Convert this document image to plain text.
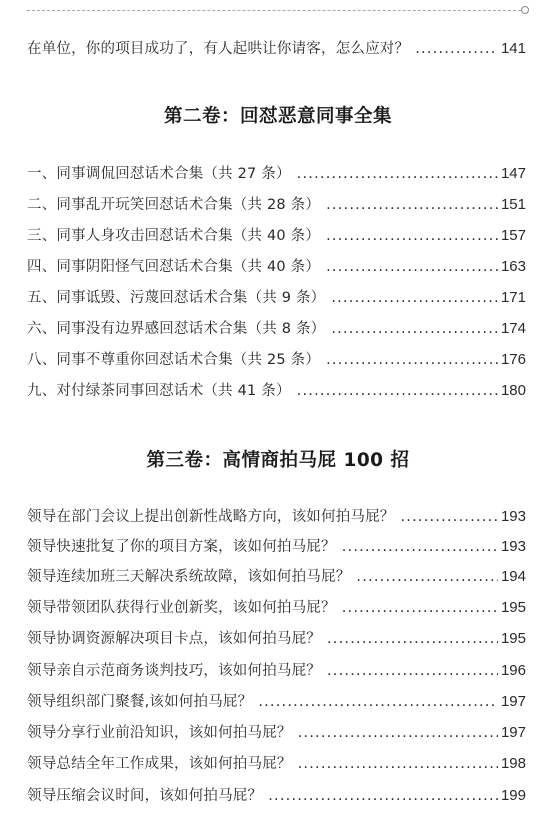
在单位，你的项目成功了，有人起哄让你请客，怎么应对？ .....	141
第二卷：回怼恶意同事全集
一、同事调侃回怼话术合集（共 27 条） .....	147
二、同事乱开玩笑回怼话术合集（共 28 条） .....	151
三、同事人身攻击回怼话术合集（共 40 条） .....	157
四、同事阴阳怪气回怼话术合集（共 40 条） .....	163
五、同事诋毁、污蔑回怼话术合集（共 9 条） .....	171
六、同事没有边界感回怼话术合集（共 8 条） .....	174
八、同事不尊重你回怼话术合集（共 25 条） .....	176
九、对付绿茶同事回怼话术（共 41 条） .....	180
第三卷：高情商拍马屁 100 招
领导在部门会议上提出创新性战略方向，该如何拍马屁？ .....	193
领导快速批复了你的项目方案，该如何拍马屁？ .....	193
领导连续加班三天解决系统故障，该如何拍马屁？ .....	194
领导带领团队获得行业创新奖，该如何拍马屁？ .....	195
领导协调资源解决项目卡点，该如何拍马屁？ .....	195
领导亲自示范商务谈判技巧，该如何拍马屁？ .....	196
领导组织部门聚餐,该如何拍马屁？ .....	197
领导分享行业前沿知识，该如何拍马屁？ .....	197
领导总结全年工作成果，该如何拍马屁？ .....	198
领导压缩会议时间，该如何拍马屁？ .....	199
